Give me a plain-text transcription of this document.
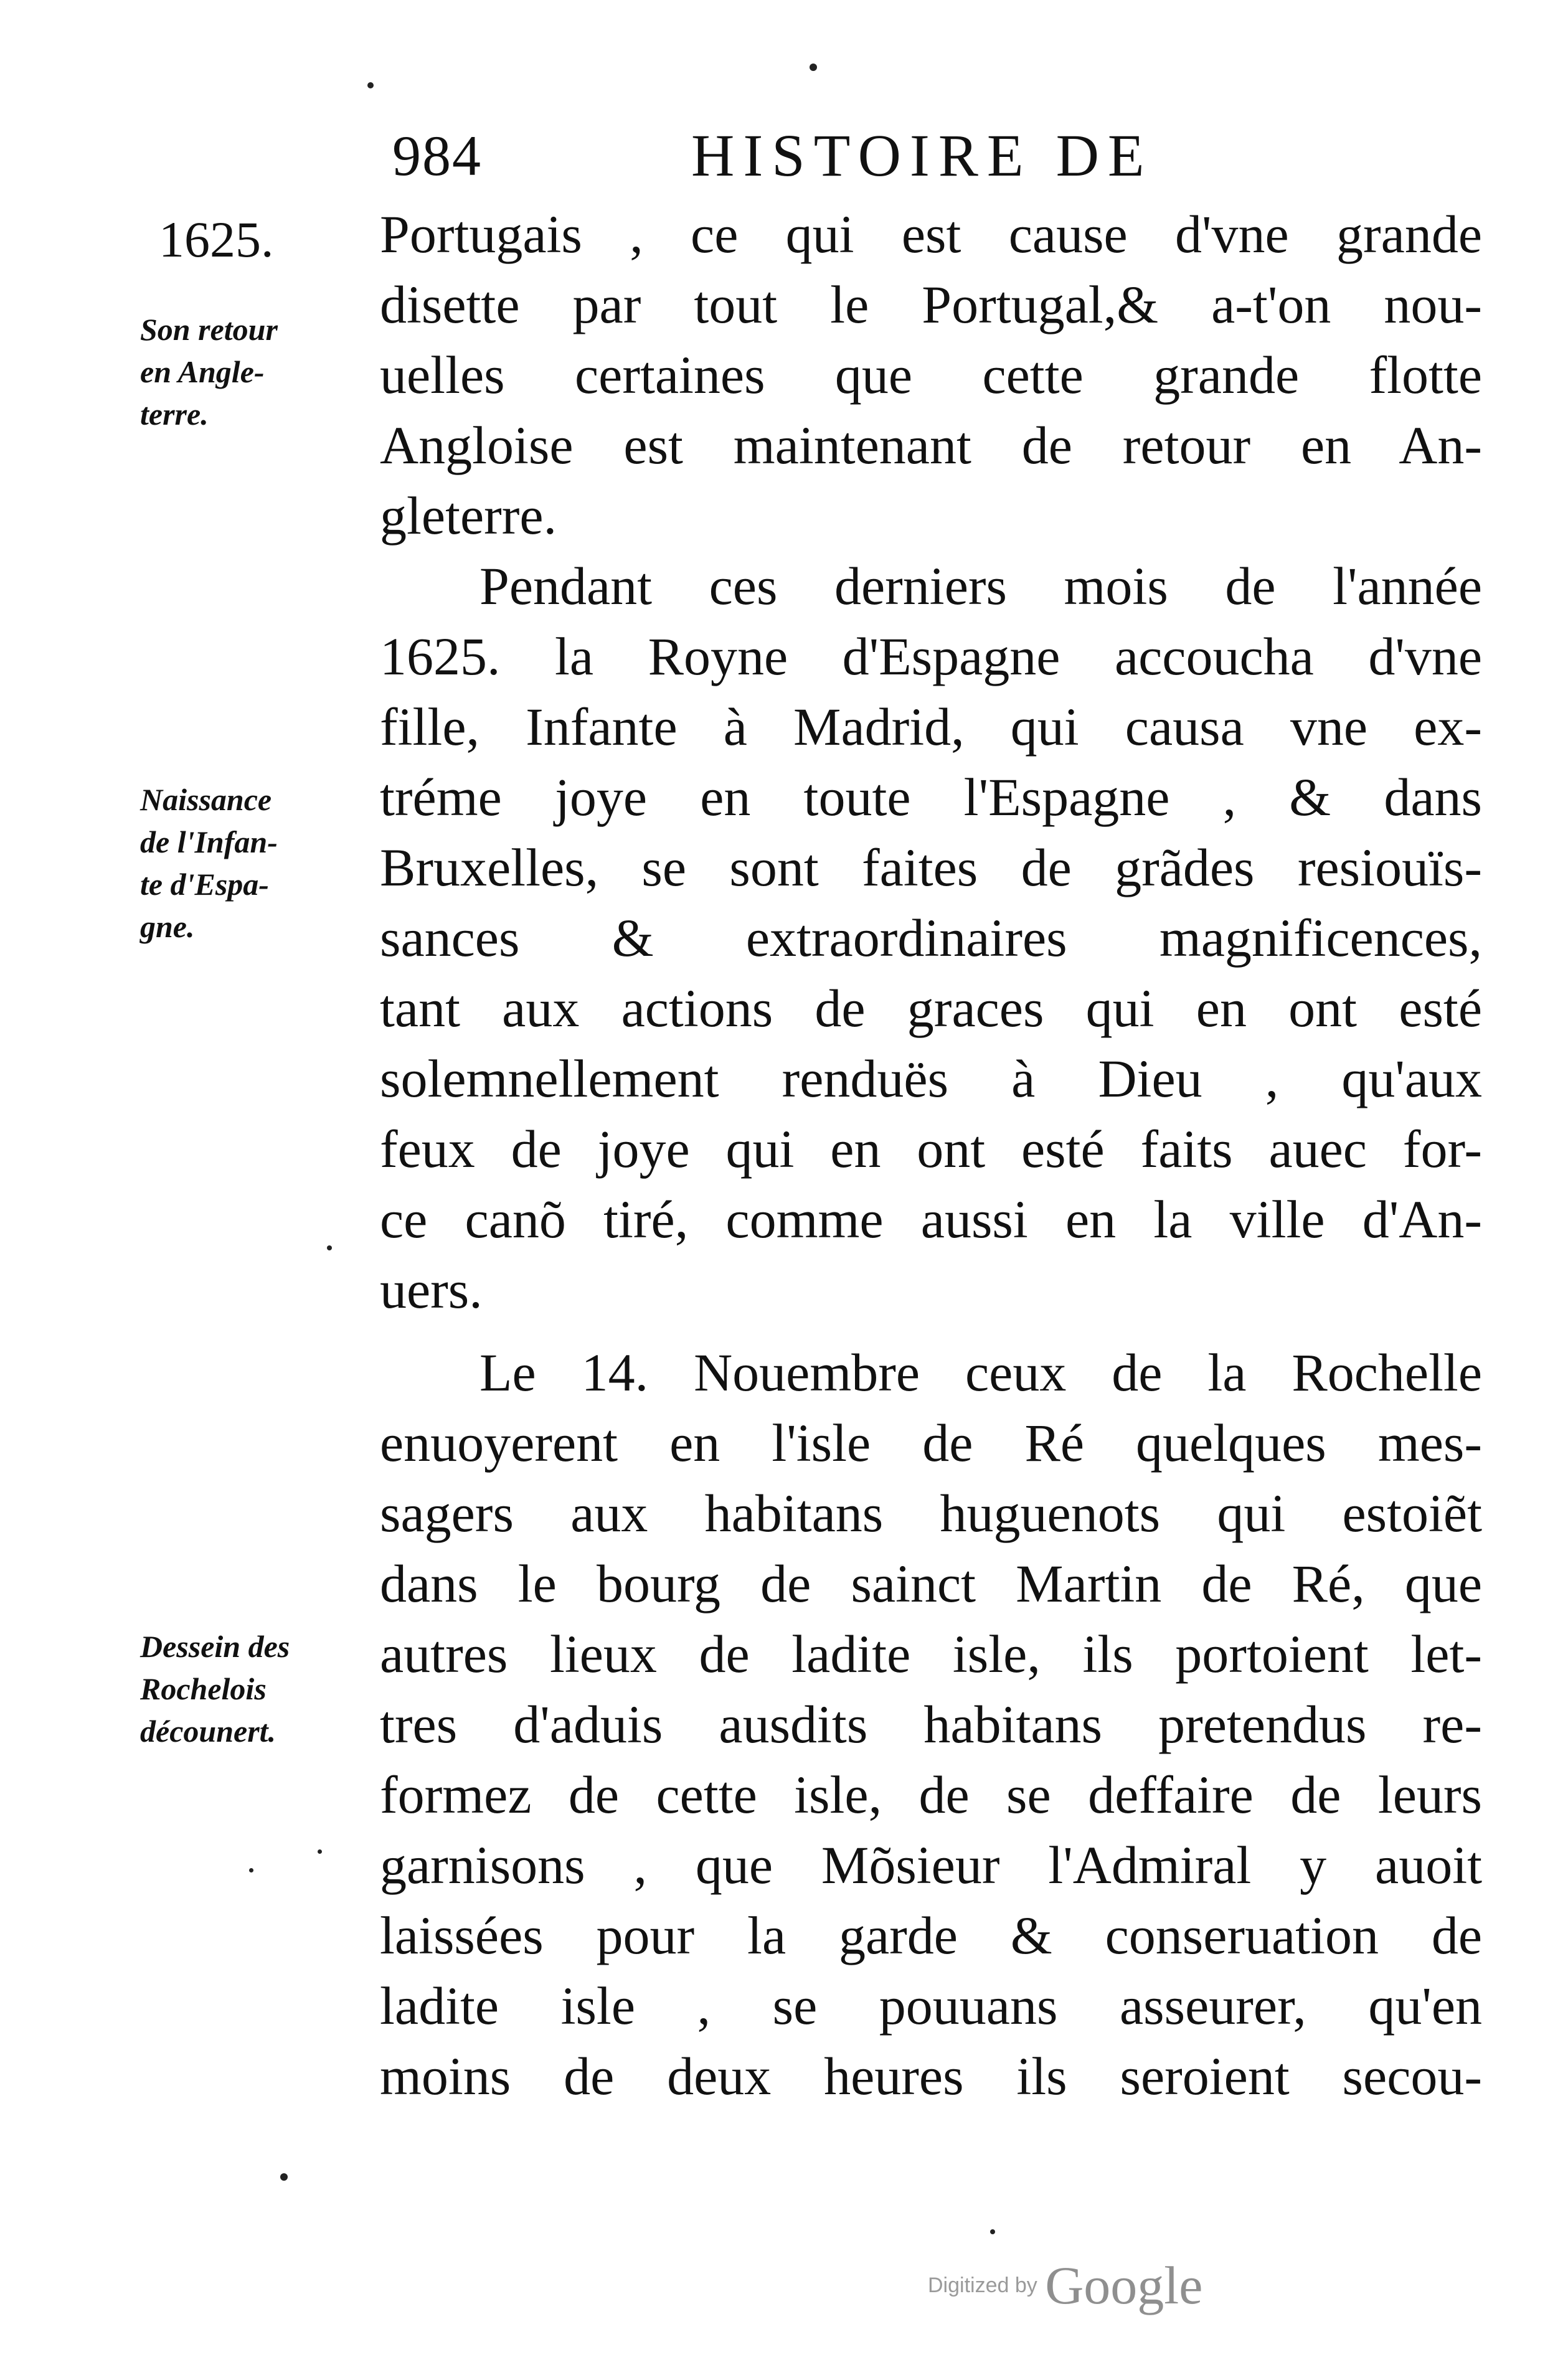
984	HISTOIRE DE
1625.
Son retour
en Angle-
terre.
Naissance
de l'Infan-
te d'Espa-
gne.
Dessein des
Rochelois
décounert.
Portugais , ce qui est cause d'vne grande
disette par tout le Portugal,& a-t'on nou-
uelles certaines que cette grande flotte
Angloise est maintenant de retour en An-
gleterre.
Pendant ces derniers mois de l'année
1625. la Royne d'Espagne accoucha d'vne
fille, Infante à Madrid, qui causa vne ex-
tréme joye en toute l'Espagne , & dans
Bruxelles, se sont faites de grãdes resiouïs-
sances & extraordinaires magnificences,
tant aux actions de graces qui en ont esté
solemnellement renduës à Dieu , qu'aux
feux de joye qui en ont esté faits auec for-
ce canõ tiré, comme aussi en la ville d'An-
uers.
Le 14. Nouembre ceux de la Rochelle
enuoyerent en l'isle de Ré quelques mes-
sagers aux habitans huguenots qui estoiẽt
dans le bourg de sainct Martin de Ré, que
autres lieux de ladite isle, ils portoient let-
tres d'aduis ausdits habitans pretendus re-
formez de cette isle, de se deffaire de leurs
garnisons , que Mõsieur l'Admiral y auoit
laissées pour la garde & conseruation de
ladite isle , se pouuans asseurer, qu'en
moins de deux heures ils seroient secou-
Digitized by Google
